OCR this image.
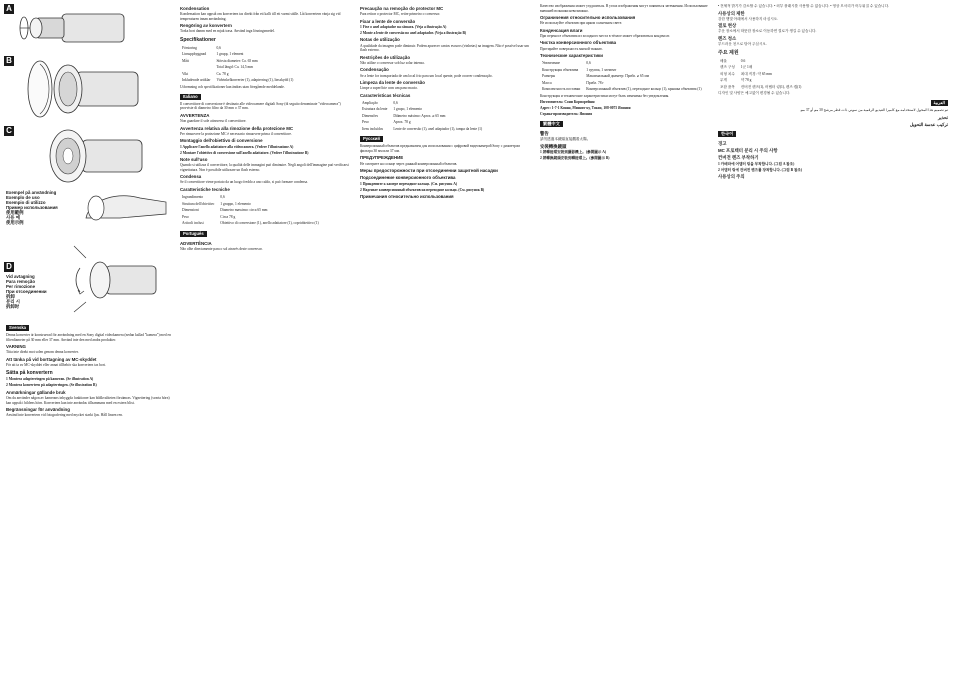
A
B
C
Exempel på användning
Exemplo de uso
Esempio di utilizzo
Пример использования
使用範例
사용 예
使用示例
D
Vid avtagning
Para remoção
Per rimozione
При отсоединении
拆卸
분리 시
拆卸时
Svenska

Denna konverter är konstruerad för användning med en Sony digital videokamera (nedan kallad "kamera") med en filterdiameter på 30 mm eller 37 mm. Använd inte den med andra produkter.

VARNING

Titta inte direkt mot solen genom denna konverter.

Att tänka på vid borttagning av MC-skyddet

För att ta av MC-skyddet eller annat tillbehör ska konvertern tas bort.

Sätta på konvertern

1 Montera adapterringen på kameran. (Se illustration A)

2 Montera konvertern på adapterringen. (Se illustration B)

Anmärkningar gällande bruk

Om du använder någon av kamerans inbyggda funktioner kan bildkvaliteten försämras. Vignettering (svarta hörn) kan uppstå i bildens hörn. Konvertern kan inte användas tillsammans med en extern blixt.

Begränsningar för användning

Använd inte konvertern vid fotografering med mycket starkt ljus. Håll linsen ren.

Kondensation

Kondensation kan uppstå om konvertern tas direkt från ett kallt till ett varmt ställe. Låt konvertern vänja sig vid temperaturen innan användning.

Rengöring av konvertern

Torka bort damm med en mjuk trasa. Använd inga lösningsmedel.

Specifikationer
Förstoring	0,6
Linsuppbyggnad	1 grupp, 1 element
Mått	Största diameter: Ca. 65 mm
	Total längd: Ca. 14,5 mm
Vikt	Ca. 78 g
Inkluderade artiklar	Vidvinkelkonverter (1), adapterring (1), linsskydd (1)

Utformning och specifikationer kan ändras utan föregående meddelande.

Italiano

Il convertitore di conversione è destinato alle videocamere digitali Sony (di seguito denominate "videocamera") provviste di diametro filtro da 30 mm o 37 mm.

AVVERTENZA

Non guardare il sole attraverso il convertitore.

Avvertenza relativa alla rimozione della protezione MC

Per rimuovere la protezione MC è necessario rimuovere prima il convertitore.

Montaggio dell'obiettivo di conversione

1 Applicare l'anello adattatore alla videocamera. (Vedere l'illustrazione A)

2 Montare l'obiettivo di conversione sull'anello adattatore. (Vedere l'illustrazione B)

Note sull'uso

Quando si utilizza il convertitore, la qualità delle immagini può diminuire. Negli angoli dell'immagine può verificarsi vignettatura. Non è possibile utilizzare un flash esterno.

Condensa

Se il convertitore viene portato da un luogo freddo a uno caldo, si può formare condensa.

Caratteristiche tecniche
Ingrandimento	0,6
Struttura dell'obiettivo	1 gruppo, 1 elemento
Dimensioni	Diametro massimo: circa 65 mm
Peso	Circa 78 g
Articoli inclusi	Obiettivo di conversione (1), anello adattatore (1), copriobiettivo (1)
Português
ADVERTÊNCIA

Não olhe directamente para o sol através deste conversor.

Precaução na remoção do protector MC

Para retirar o protector MC, retire primeiro o conversor.

Fixar a lente de conversão

1 Fixe o anel adaptador na câmara. (Veja a ilustração A)

2 Monte a lente de conversão no anel adaptador. (Veja a ilustração B)

Notas de utilização

A qualidade da imagem pode diminuir. Podem aparecer cantos escuros (vinhetas) na imagem. Não é possível usar um flash externo.

Restrições de utilização

Não utilize o conversor sob luz solar intensa.

Condensação

Se a lente for transportada de um local frio para um local quente, pode ocorrer condensação.

Limpeza da lente de conversão

Limpe a superfície com um pano macio.

Características técnicas
Ampliação	0,6
Estrutura da lente	1 grupo, 1 elemento
Dimensões	Diâmetro máximo: Aprox. ⌀ 65 mm
Peso	Aprox. 78 g
Itens incluídos	Lente de conversão (1), anel adaptador (1), tampa da lente (1)
Русский

Конверсионный объектив предназначен для использования с цифровой видеокамерой Sony с диаметром фильтра 30 мм или 37 мм.

ПРЕДУПРЕЖДЕНИЕ

Не смотрите на солнце через данный конверсионный объектив.

Меры предосторожности при отсоединении защитной насадки
Подсоединение конверсионного объектива

1 Прикрепите к камере переходное кольцо. (См. рисунок A)

2 Наденьте конверсионный объектив на переходное кольцо. (См. рисунок B)

Примечания относительно использования

Качество изображения может ухудшиться. В углах изображения могут появиться затемнения. Использование внешней вспышки невозможно.

Ограничения относительно использования

Не используйте объектив при ярком солнечном свете.

Конденсация влаги

При переносе объектива из холодного места в тёплое может образоваться конденсат.

Чистка конверсионного объектива

Протирайте поверхность мягкой тканью.

Технические характеристики
Увеличение	0,6
Конструкция объектива	1 группа, 1 элемент
Размеры	Максимальный диаметр: Прибл. ⌀ 65 мм
Масса	Прибл. 78 г
Комплектность поставки	Конверсионный объектив (1), переходное кольцо (1), крышка объектива (1)

Конструкция и технические характеристики могут быть изменены без уведомления.

Изготовитель: Сони Корпорейшн

Адрес: 1-7-1 Конан, Минато-ку, Токио, 108-0075 Япония

Страна-производитель: Япония

繁體中文
警告

請勿透過本鏡頭直接觀看太陽。

安裝轉換鏡頭

1 將轉接環安裝到攝影機上。(參閱圖示 A)

2 將轉換鏡頭安裝到轉接環上。(參閱圖示 B)

• 전체적 밝기가 감소할 수 있습니다. • 외부 플래시를 사용할 수 없습니다. • 영상 모서리가 어두워질 수 있습니다.

사용상의 제한

강한 햇빛 아래에서 사용하지 마십시오.

결로 현상

추운 장소에서 따뜻한 장소로 이동하면 결로가 생길 수 있습니다.

렌즈 청소

부드러운 천으로 닦아 주십시오.

주요 제원
배율	0.6
렌즈 구성	1군 1매
외형 치수	최대 직경: 약 65 mm
무게	약 78 g
포함 품목	컨버전 렌즈(1), 어댑터 링(1), 렌즈 캡(1)

디자인 및 사양은 예고없이 변경될 수 있습니다.

العربية

تم تصميم هذا المحول لاستخدامه مع كاميرا الفيديو الرقمية من سوني ذات قطر مرشح 30 مم أو 37 مم.

تحذير
تركيب عدسة التحويل
한국어
경고
MC 프로텍터 분리 시 주의 사항
컨버전 렌즈 부착하기

1 카메라에 어댑터 링을 부착합니다. (그림 A 참조)

2 어댑터 링에 컨버전 렌즈를 장착합니다. (그림 B 참조)

사용상의 주의
